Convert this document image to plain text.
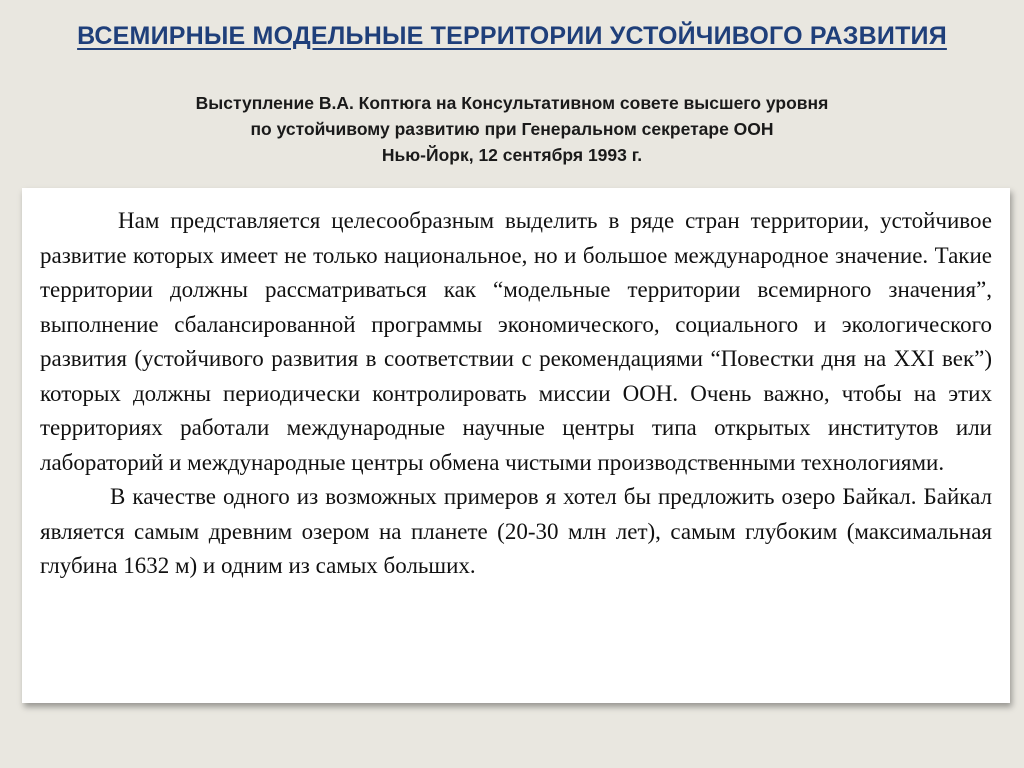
ВСЕМИРНЫЕ МОДЕЛЬНЫЕ ТЕРРИТОРИИ УСТОЙЧИВОГО РАЗВИТИЯ
Выступление В.А. Коптюга на Консультативном совете высшего уровня
по устойчивому развитию при Генеральном секретаре ООН
Нью-Йорк, 12 сентября 1993 г.

Нам представляется целесообразным выделить в ряде стран территории, устойчивое развитие которых имеет не только национальное, но и большое международное значение. Такие территории должны рассматриваться как “модельные территории всемирного значения”, выполнение сбалансированной программы экономического, социального и экологического развития (устойчивого развития в соответствии с рекомендациями “Повестки дня на XXI век”) которых должны периодически контролировать миссии ООН. Очень важно, чтобы на этих территориях работали международные научные центры типа открытых институтов или лабораторий и международные центры обмена чистыми производственными технологиями.

В качестве одного из возможных примеров я хотел бы предложить озеро Байкал. Байкал является самым древним озером на планете (20-30 млн лет), самым глубоким (максимальная глубина 1632 м) и одним из самых больших.
